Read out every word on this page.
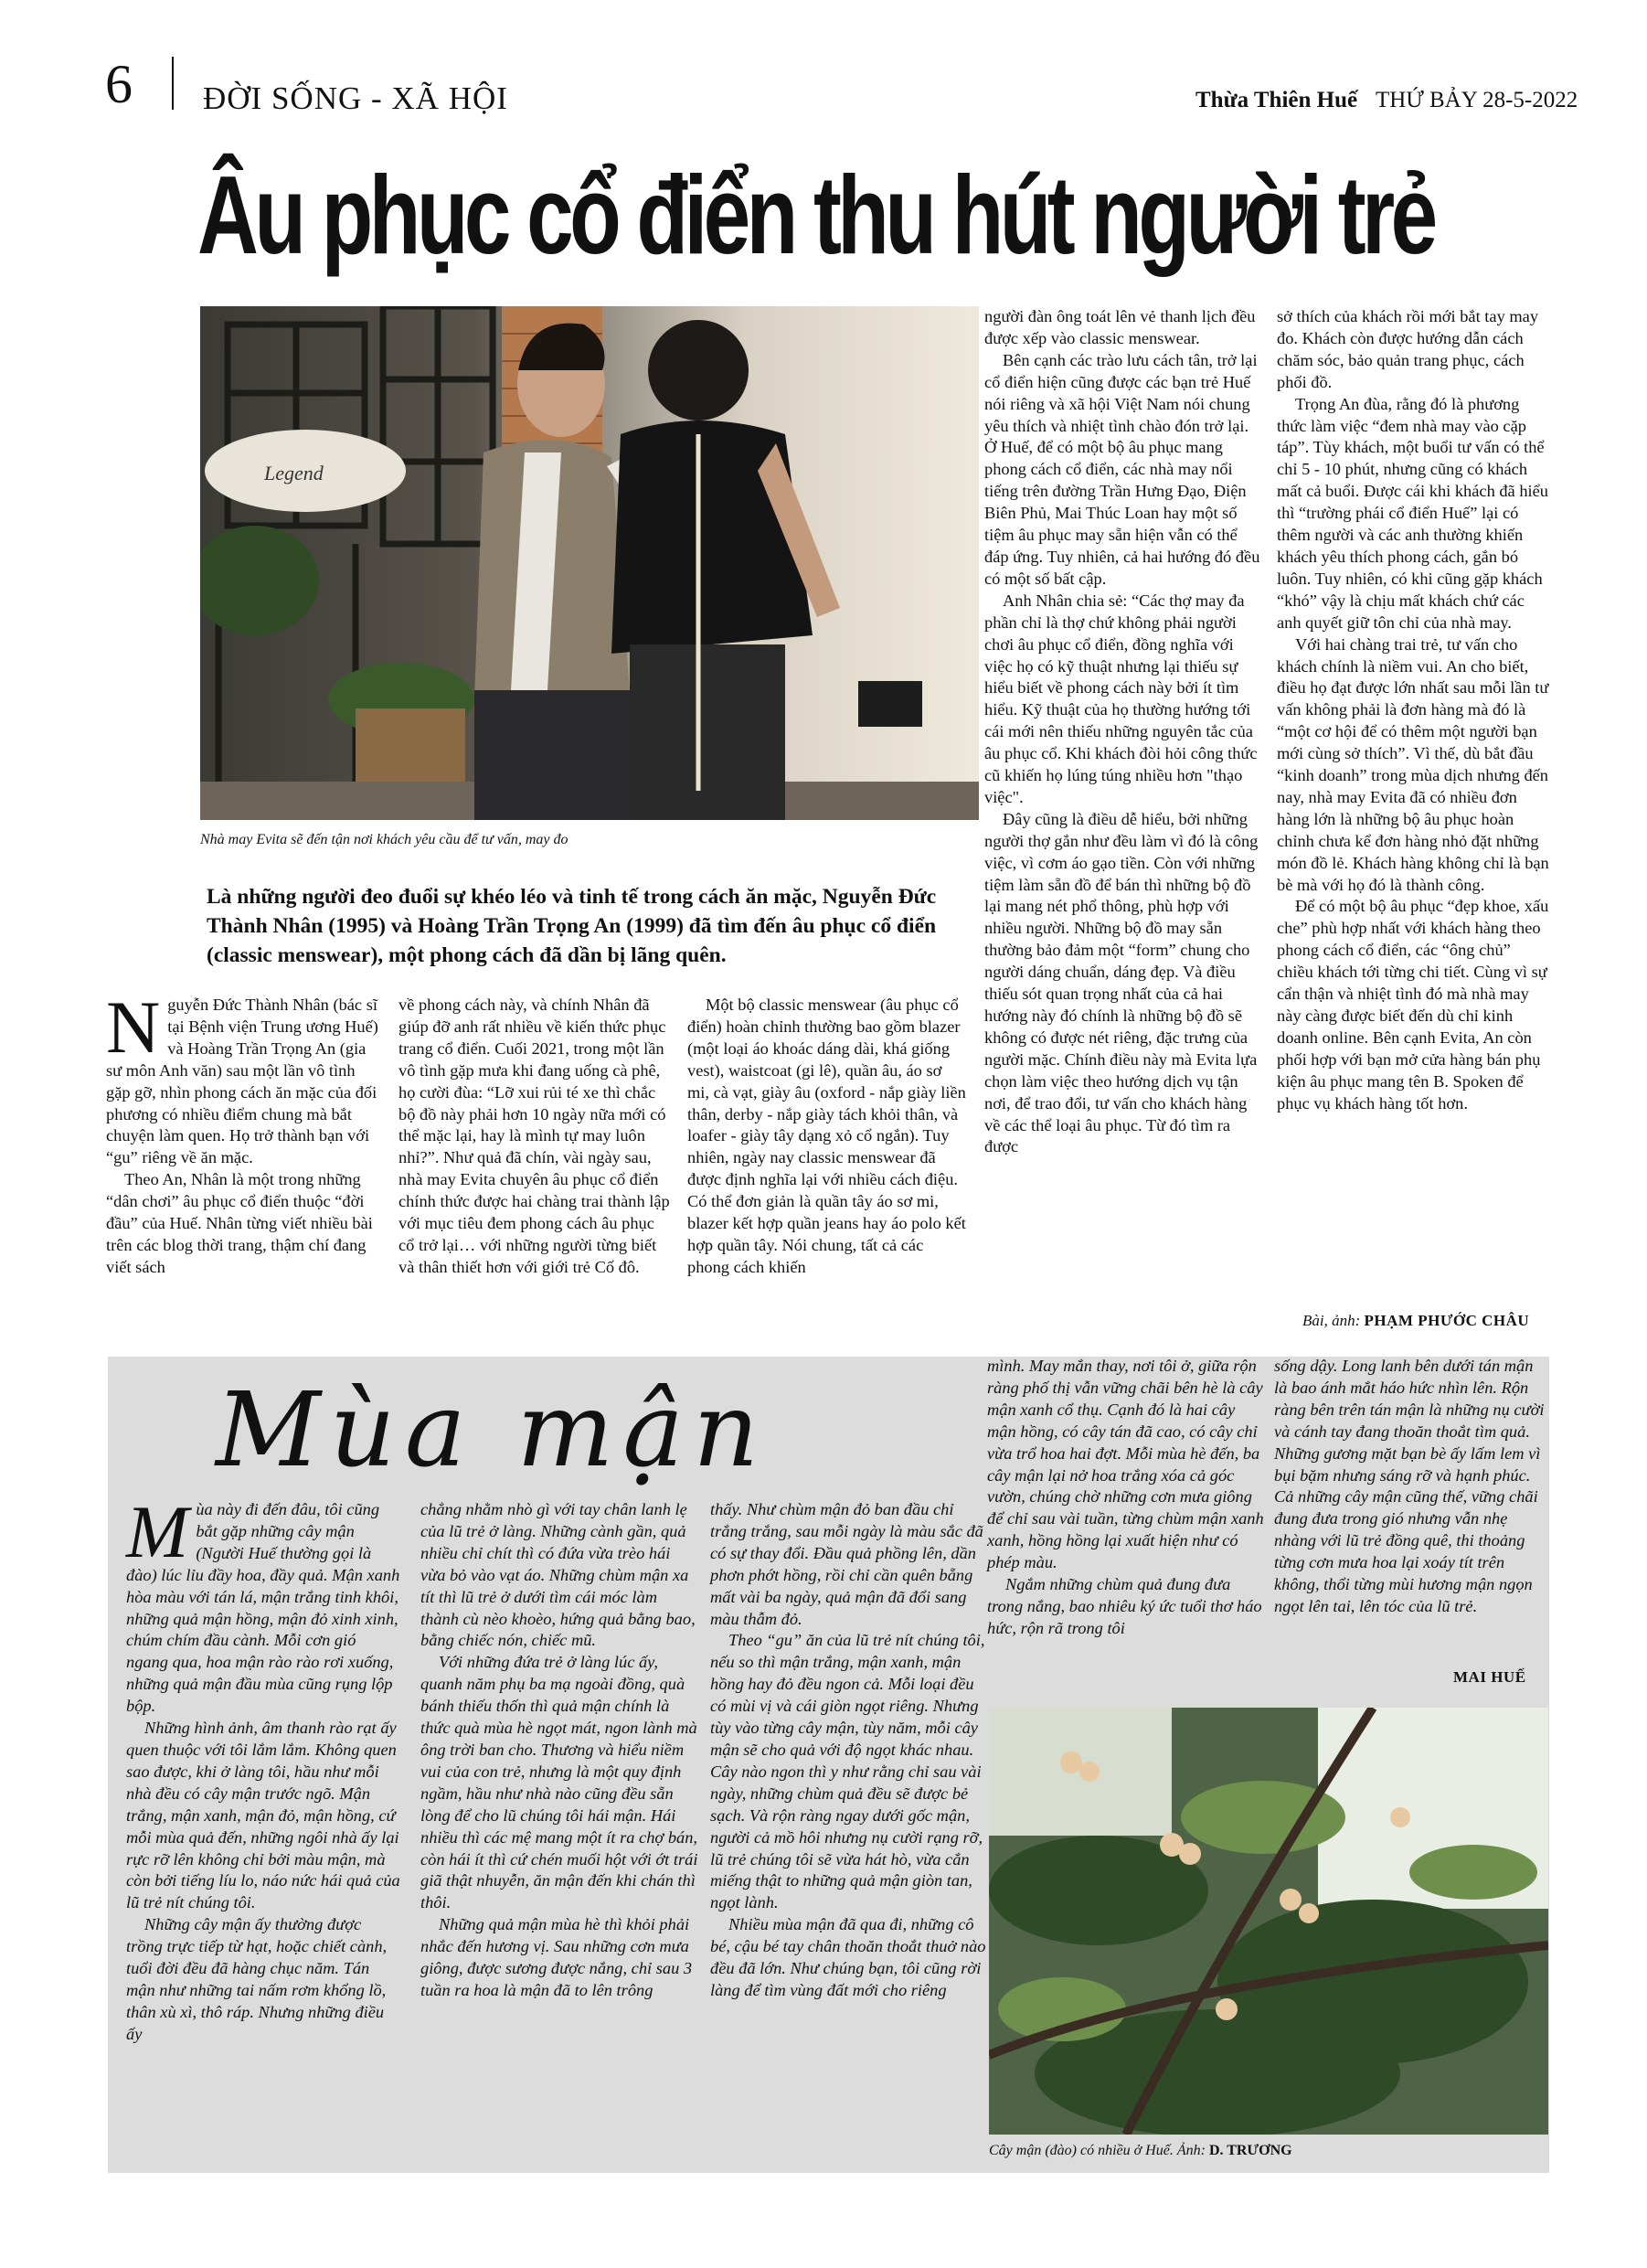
6 ĐỜI SỐNG - XÃ HỘI	Thừa Thiên Huế THỨ BẢY 28-5-2022
Âu phục cổ điển thu hút người trẻ
Legend
Nhà may Evita sẽ đến tận nơi khách yêu cầu để tư vấn, may đo
Là những người đeo đuổi sự khéo léo và tinh tế trong cách ăn mặc, Nguyễn Đức Thành Nhân (1995) và Hoàng Trần Trọng An (1999) đã tìm đến âu phục cổ điển (classic menswear), một phong cách đã dần bị lãng quên.

Nguyễn Đức Thành Nhân (bác sĩ tại Bệnh viện Trung ương Huế) và Hoàng Trần Trọng An (gia sư môn Anh văn) sau một lần vô tình gặp gỡ, nhìn phong cách ăn mặc của đối phương có nhiều điểm chung mà bắt chuyện làm quen. Họ trở thành bạn với “gu” riêng về ăn mặc.

Theo An, Nhân là một trong những “dân chơi” âu phục cổ điển thuộc “đời đầu” của Huế. Nhân từng viết nhiều bài trên các blog thời trang, thậm chí đang viết sách

về phong cách này, và chính Nhân đã giúp đỡ anh rất nhiều về kiến thức phục trang cổ điển. Cuối 2021, trong một lần vô tình gặp mưa khi đang uống cà phê, họ cười đùa: “Lỡ xui rủi té xe thì chắc bộ đồ này phải hơn 10 ngày nữa mới có thể mặc lại, hay là mình tự may luôn nhỉ?”. Như quả đã chín, vài ngày sau, nhà may Evita chuyên âu phục cổ điển chính thức được hai chàng trai thành lập với mục tiêu đem phong cách âu phục cổ trở lại… với những người từng biết và thân thiết hơn với giới trẻ Cố đô.

Một bộ classic menswear (âu phục cổ điển) hoàn chỉnh thường bao gồm blazer (một loại áo khoác dáng dài, khá giống vest), waistcoat (gi lê), quần âu, áo sơ mi, cà vạt, giày âu (oxford - nắp giày liền thân, derby - nắp giày tách khỏi thân, và loafer - giày tây dạng xỏ cổ ngắn). Tuy nhiên, ngày nay classic menswear đã được định nghĩa lại với nhiều cách điệu. Có thể đơn giản là quần tây áo sơ mi, blazer kết hợp quần jeans hay áo polo kết hợp quần tây. Nói chung, tất cả các phong cách khiến

người đàn ông toát lên vẻ thanh lịch đều được xếp vào classic menswear.

Bên cạnh các trào lưu cách tân, trở lại cổ điển hiện cũng được các bạn trẻ Huế nói riêng và xã hội Việt Nam nói chung yêu thích và nhiệt tình chào đón trở lại. Ở Huế, để có một bộ âu phục mang phong cách cổ điển, các nhà may nổi tiếng trên đường Trần Hưng Đạo, Điện Biên Phủ, Mai Thúc Loan hay một số tiệm âu phục may sẵn hiện vẫn có thể đáp ứng. Tuy nhiên, cả hai hướng đó đều có một số bất cập.

Anh Nhân chia sẻ: “Các thợ may đa phần chỉ là thợ chứ không phải người chơi âu phục cổ điển, đồng nghĩa với việc họ có kỹ thuật nhưng lại thiếu sự hiểu biết về phong cách này bởi ít tìm hiểu. Kỹ thuật của họ thường hướng tới cái mới nên thiếu những nguyên tắc của âu phục cổ. Khi khách đòi hỏi công thức cũ khiến họ lúng túng nhiều hơn "thạo việc".

Đây cũng là điều dễ hiểu, bởi những người thợ gắn như đều làm vì đó là công việc, vì cơm áo gạo tiền. Còn với những tiệm làm sẵn đồ để bán thì những bộ đồ lại mang nét phổ thông, phù hợp với nhiều người. Những bộ đồ may sẵn thường bảo đảm một “form” chung cho người dáng chuẩn, dáng đẹp. Và điều thiếu sót quan trọng nhất của cả hai hướng này đó chính là những bộ đồ sẽ không có được nét riêng, đặc trưng của người mặc. Chính điều này mà Evita lựa chọn làm việc theo hướng dịch vụ tận nơi, để trao đổi, tư vấn cho khách hàng về các thể loại âu phục. Từ đó tìm ra được

sở thích của khách rồi mới bắt tay may đo. Khách còn được hướng dẫn cách chăm sóc, bảo quản trang phục, cách phối đồ.

Trọng An đùa, rằng đó là phương thức làm việc “đem nhà may vào cặp táp”. Tùy khách, một buổi tư vấn có thể chỉ 5 - 10 phút, nhưng cũng có khách mất cả buổi. Được cái khi khách đã hiểu thì “trường phái cổ điển Huế” lại có thêm người và các anh thường khiến khách yêu thích phong cách, gắn bó luôn. Tuy nhiên, có khi cũng gặp khách “khó” vậy là chịu mất khách chứ các anh quyết giữ tôn chỉ của nhà may.

Với hai chàng trai trẻ, tư vấn cho khách chính là niềm vui. An cho biết, điều họ đạt được lớn nhất sau mỗi lần tư vấn không phải là đơn hàng mà đó là “một cơ hội để có thêm một người bạn mới cùng sở thích”. Vì thế, dù bắt đầu “kinh doanh” trong mùa dịch nhưng đến nay, nhà may Evita đã có nhiều đơn hàng lớn là những bộ âu phục hoàn chỉnh chưa kể đơn hàng nhỏ đặt những món đồ lẻ. Khách hàng không chỉ là bạn bè mà với họ đó là thành công.

Để có một bộ âu phục “đẹp khoe, xấu che” phù hợp nhất với khách hàng theo phong cách cổ điển, các “ông chủ” chiều khách tới từng chi tiết. Cùng vì sự cẩn thận và nhiệt tình đó mà nhà may này càng được biết đến dù chỉ kinh doanh online. Bên cạnh Evita, An còn phối hợp với bạn mở cửa hàng bán phụ kiện âu phục mang tên B. Spoken để phục vụ khách hàng tốt hơn.

Bài, ảnh: PHẠM PHƯỚC CHÂU
Mùa mận

Mùa này đi đến đâu, tôi cũng bắt gặp những cây mận (Người Huế thường gọi là đào) lúc lỉu đầy hoa, đầy quả. Mận xanh hòa màu với tán lá, mận trắng tinh khôi, những quả mận hồng, mận đỏ xinh xinh, chúm chím đầu cành. Mỗi cơn gió ngang qua, hoa mận rào rào rơi xuống, những quả mận đầu mùa cũng rụng lộp bộp.

Những hình ảnh, âm thanh rào rạt ấy quen thuộc với tôi lắm lắm. Không quen sao được, khi ở làng tôi, hầu như mỗi nhà đều có cây mận trước ngõ. Mận trắng, mận xanh, mận đỏ, mận hồng, cứ mỗi mùa quả đến, những ngôi nhà ấy lại rực rỡ lên không chỉ bởi màu mận, mà còn bởi tiếng líu lo, náo nức hái quả của lũ trẻ nít chúng tôi.

Những cây mận ấy thường được trồng trực tiếp từ hạt, hoặc chiết cành, tuổi đời đều đã hàng chục năm. Tán mận như những tai nấm rơm khổng lồ, thân xù xì, thô ráp. Nhưng những điều ấy

chẳng nhằm nhò gì với tay chân lanh lẹ của lũ trẻ ở làng. Những cành gần, quả nhiều chỉ chít thì có đứa vừa trèo hái vừa bỏ vào vạt áo. Những chùm mận xa tít thì lũ trẻ ở dưới tìm cái móc làm thành cù nèo khoèo, hứng quả bằng bao, bằng chiếc nón, chiếc mũ.

Với những đứa trẻ ở làng lúc ấy, quanh năm phụ ba mạ ngoài đồng, quà bánh thiếu thốn thì quả mận chính là thức quà mùa hè ngọt mát, ngon lành mà ông trời ban cho. Thương và hiểu niềm vui của con trẻ, nhưng là một quy định ngầm, hầu như nhà nào cũng đều sẵn lòng để cho lũ chúng tôi hái mận. Hái nhiều thì các mệ mang một ít ra chợ bán, còn hái ít thì cứ chén muối hột với ớt trái giã thật nhuyễn, ăn mận đến khi chán thì thôi.

Những quả mận mùa hè thì khỏi phải nhắc đến hương vị. Sau những cơn mưa giông, được sương được nắng, chỉ sau 3 tuần ra hoa là mận đã to lên trông

thấy. Như chùm mận đỏ ban đầu chỉ trắng trắng, sau mỗi ngày là màu sắc đã có sự thay đổi. Đầu quả phồng lên, dần phơn phớt hồng, rồi chỉ cần quên bẵng mất vài ba ngày, quả mận đã đổi sang màu thẫm đỏ.

Theo “gu” ăn của lũ trẻ nít chúng tôi, nếu so thì mận trắng, mận xanh, mận hồng hay đỏ đều ngon cả. Mỗi loại đều có mùi vị và cái giòn ngọt riêng. Nhưng tùy vào từng cây mận, tùy năm, mỗi cây mận sẽ cho quả với độ ngọt khác nhau. Cây nào ngon thì y như rằng chỉ sau vài ngày, những chùm quả đều sẽ được bẻ sạch. Và rộn ràng ngay dưới gốc mận, người cả mồ hôi nhưng nụ cười rạng rỡ, lũ trẻ chúng tôi sẽ vừa hát hò, vừa cắn miếng thật to những quả mận giòn tan, ngọt lành.

Nhiều mùa mận đã qua đi, những cô bé, cậu bé tay chân thoăn thoắt thuở nào đều đã lớn. Như chúng bạn, tôi cũng rời làng để tìm vùng đất mới cho riêng

mình. May mắn thay, nơi tôi ở, giữa rộn ràng phố thị vẫn vững chãi bên hè là cây mận xanh cổ thụ. Cạnh đó là hai cây mận hồng, có cây tán đã cao, có cây chỉ vừa trổ hoa hai đợt. Mỗi mùa hè đến, ba cây mận lại nở hoa trắng xóa cả góc vườn, chúng chờ những cơn mưa giông để chỉ sau vài tuần, từng chùm mận xanh xanh, hồng hồng lại xuất hiện như có phép màu.

Ngắm những chùm quả đung đưa trong nắng, bao nhiêu ký ức tuổi thơ háo hức, rộn rã trong tôi

sống dậy. Long lanh bên dưới tán mận là bao ánh mắt háo hức nhìn lên. Rộn ràng bên trên tán mận là những nụ cười và cánh tay đang thoăn thoắt tìm quả. Những gương mặt bạn bè ấy lấm lem vì bụi bặm nhưng sáng rỡ và hạnh phúc. Cả những cây mận cũng thế, vững chãi đung đưa trong gió nhưng vẫn nhẹ nhàng với lũ trẻ đồng quê, thi thoảng từng cơn mưa hoa lại xoáy tít trên không, thổi từng mùi hương mận ngọn ngọt lên tai, lên tóc của lũ trẻ.

MAI HUẾ
Cây mận (đào) có nhiều ở Huế. Ảnh: D. TRƯƠNG
